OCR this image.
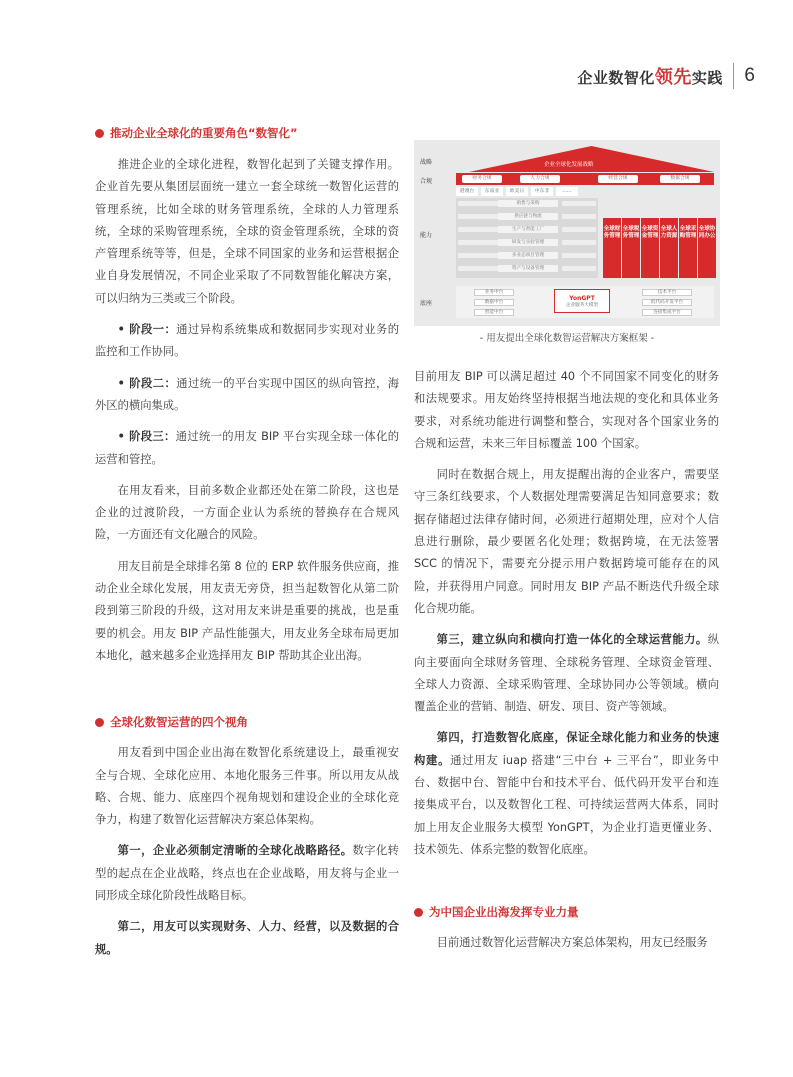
企业数智化领先实践 6
推动企业全球化的重要角色“数智化”

推进企业的全球化进程，数智化起到了关键支撑作用。企业首先要从集团层面统一建立一套全球统一数智化运营的管理系统，比如全球的财务管理系统，全球的人力管理系统，全球的采购管理系统，全球的资金管理系统，全球的资产管理系统等等，但是，全球不同国家的业务和运营根据企业自身发展情况，不同企业采取了不同数智能化解决方案，可以归纳为三类或三个阶段。

• 阶段一：通过异构系统集成和数据同步实现对业务的监控和工作协同。

• 阶段二：通过统一的平台实现中国区的纵向管控，海外区的横向集成。

• 阶段三：通过统一的用友 BIP 平台实现全球一体化的运营和管控。

在用友看来，目前多数企业都还处在第二阶段，这也是企业的过渡阶段，一方面企业认为系统的替换存在合规风险，一方面还有文化融合的风险。

用友目前是全球排名第 8 位的 ERP 软件服务供应商，推动企业全球化发展，用友责无旁贷，担当起数智化从第二阶段到第三阶段的升级，这对用友来讲是重要的挑战，也是重要的机会。用友 BIP 产品性能强大，用友业务全球布局更加本地化，越来越多企业选择用友 BIP 帮助其企业出海。

全球化数智运营的四个视角

用友看到中国企业出海在数智化系统建设上，最重视安全与合规、全球化应用、本地化服务三件事。所以用友从战略、合规、能力、底座四个视角规划和建设企业的全球化竞争力，构建了数智化运营解决方案总体架构。

第一，企业必须制定清晰的全球化战略路径。数字化转型的起点在企业战略，终点也在企业战略，用友将与企业一同形成全球化阶段性战略目标。

第二，用友可以实现财务、人力、经营，以及数据的合规。

战略
合规
能力
底座
企业全球化发展战略
财务合规	人力合规	经营合规	数据合规
港澳台	东南亚	欧美日	中东非	……
销售与采购
供应链与物流
生产与智能工厂
研发与实验管理
多业态项目管理
资产与设备管理
全球财务管理
全球税务管理
全球资金管理
全球人力资源
全球采购管理
全球协同办公
业务中台
数据中台
智能中台
YonGPT
企业服务大模型
技术平台
低代码开发平台
连接集成平台
- 用友提出全球化数智运营解决方案框架 -

目前用友 BIP 可以满足超过 40 个不同国家不同变化的财务和法规要求。用友始终坚持根据当地法规的变化和具体业务要求，对系统功能进行调整和整合，实现对各个国家业务的合规和运营，未来三年目标覆盖 100 个国家。

同时在数据合规上，用友提醒出海的企业客户，需要坚守三条红线要求，个人数据处理需要满足告知同意要求；数据存储超过法律存储时间，必须进行超期处理，应对个人信息进行删除，最少要匿名化处理；数据跨境，在无法签署 SCC 的情况下，需要充分提示用户数据跨境可能存在的风险，并获得用户同意。同时用友 BIP 产品不断迭代升级全球化合规功能。

第三，建立纵向和横向打造一体化的全球运营能力。纵向主要面向全球财务管理、全球税务管理、全球资金管理、全球人力资源、全球采购管理、全球协同办公等领域。横向覆盖企业的营销、制造、研发、项目、资产等领域。

第四，打造数智化底座，保证全球化能力和业务的快速构建。通过用友 iuap 搭建“三中台 + 三平台”，即业务中台、数据中台、智能中台和技术平台、低代码开发平台和连接集成平台，以及数智化工程、可持续运营两大体系，同时加上用友企业服务大模型 YonGPT，为企业打造更懂业务、技术领先、体系完整的数智化底座。

为中国企业出海发挥专业力量

目前通过数智化运营解决方案总体架构，用友已经服务
